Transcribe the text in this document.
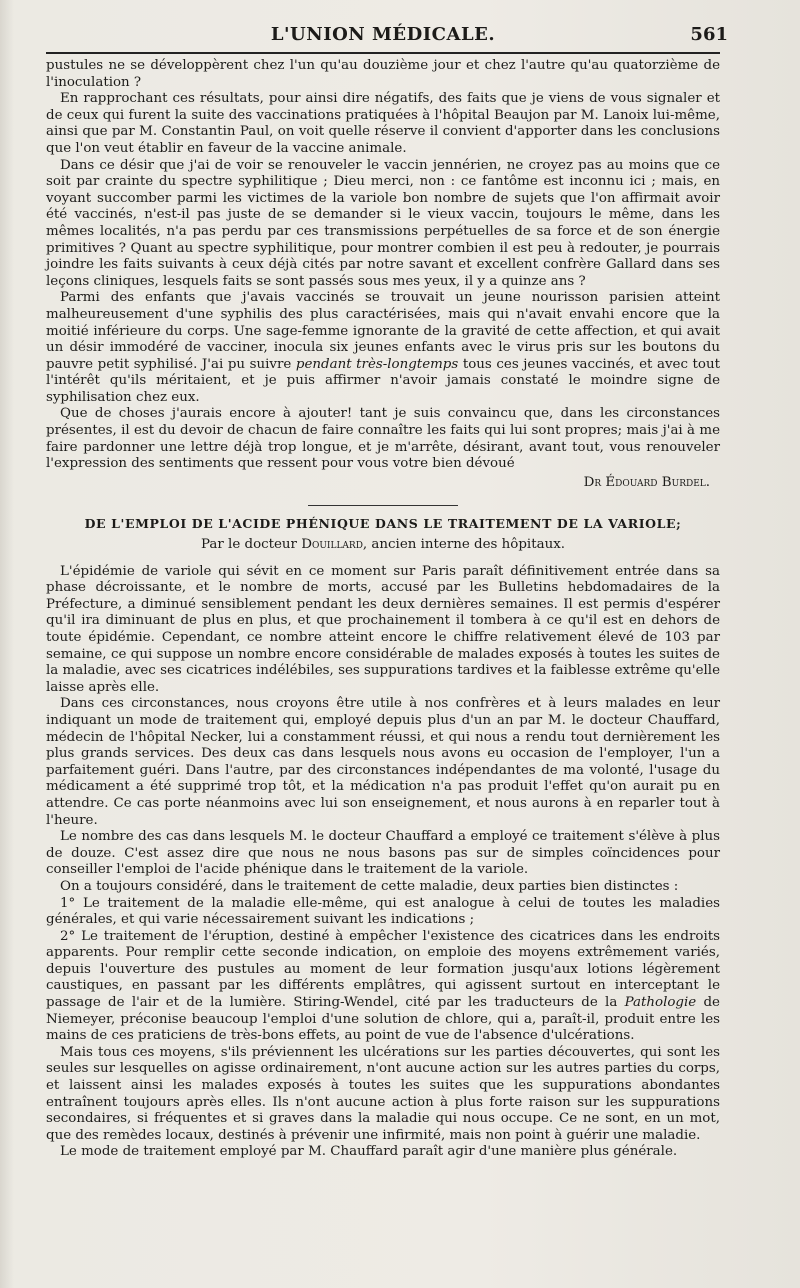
L'UNION MÉDICALE.	561

pustules ne se développèrent chez l'un qu'au douzième jour et chez l'autre qu'au quatorzième de l'inoculation ?

En rapprochant ces résultats, pour ainsi dire négatifs, des faits que je viens de vous signaler et de ceux qui furent la suite des vaccinations pratiquées à l'hôpital Beaujon par M. Lanoix lui-même, ainsi que par M. Constantin Paul, on voit quelle réserve il convient d'apporter dans les conclusions que l'on veut établir en faveur de la vaccine animale.

Dans ce désir que j'ai de voir se renouveler le vaccin jennérien, ne croyez pas au moins que ce soit par crainte du spectre syphilitique ; Dieu merci, non : ce fantôme est inconnu ici ; mais, en voyant succomber parmi les victimes de la variole bon nombre de sujets que l'on affirmait avoir été vaccinés, n'est-il pas juste de se demander si le vieux vaccin, toujours le même, dans les mêmes localités, n'a pas perdu par ces transmissions perpétuelles de sa force et de son énergie primitives ? Quant au spectre syphilitique, pour montrer combien il est peu à redouter, je pourrais joindre les faits suivants à ceux déjà cités par notre savant et excellent confrère Gallard dans ses leçons cliniques, lesquels faits se sont passés sous mes yeux, il y a quinze ans ?

Parmi des enfants que j'avais vaccinés se trouvait un jeune nourisson parisien atteint malheureusement d'une syphilis des plus caractérisées, mais qui n'avait envahi encore que la moitié inférieure du corps. Une sage-femme ignorante de la gravité de cette affection, et qui avait un désir immodéré de vacciner, inocula six jeunes enfants avec le virus pris sur les boutons du pauvre petit syphilisé. J'ai pu suivre pendant très-longtemps tous ces jeunes vaccinés, et avec tout l'intérêt qu'ils méritaient, et je puis affirmer n'avoir jamais constaté le moindre signe de syphilisation chez eux.

Que de choses j'aurais encore à ajouter! tant je suis convaincu que, dans les circonstances présentes, il est du devoir de chacun de faire connaître les faits qui lui sont propres; mais j'ai à me faire pardonner une lettre déjà trop longue, et je m'arrête, désirant, avant tout, vous renouveler l'expression des sentiments que ressent pour vous votre bien dévoué

Dr Édouard Burdel.
DE L'EMPLOI DE L'ACIDE PHÉNIQUE DANS LE TRAITEMENT DE LA VARIOLE;
Par le docteur Douillard, ancien interne des hôpitaux.

L'épidémie de variole qui sévit en ce moment sur Paris paraît définitivement entrée dans sa phase décroissante, et le nombre de morts, accusé par les Bulletins hebdomadaires de la Préfecture, a diminué sensiblement pendant les deux dernières semaines. Il est permis d'espérer qu'il ira diminuant de plus en plus, et que prochainement il tombera à ce qu'il est en dehors de toute épidémie. Cependant, ce nombre atteint encore le chiffre relativement élevé de 103 par semaine, ce qui suppose un nombre encore considérable de malades exposés à toutes les suites de la maladie, avec ses cicatrices indélébiles, ses suppurations tardives et la faiblesse extrême qu'elle laisse après elle.

Dans ces circonstances, nous croyons être utile à nos confrères et à leurs malades en leur indiquant un mode de traitement qui, employé depuis plus d'un an par M. le docteur Chauffard, médecin de l'hôpital Necker, lui a constamment réussi, et qui nous a rendu tout dernièrement les plus grands services. Des deux cas dans lesquels nous avons eu occasion de l'employer, l'un a parfaitement guéri. Dans l'autre, par des circonstances indépendantes de ma volonté, l'usage du médicament a été supprimé trop tôt, et la médication n'a pas produit l'effet qu'on aurait pu en attendre. Ce cas porte néanmoins avec lui son enseignement, et nous aurons à en reparler tout à l'heure.

Le nombre des cas dans lesquels M. le docteur Chauffard a employé ce traitement s'élève à plus de douze. C'est assez dire que nous ne nous basons pas sur de simples coïncidences pour conseiller l'emploi de l'acide phénique dans le traitement de la variole.

On a toujours considéré, dans le traitement de cette maladie, deux parties bien distinctes :

1° Le traitement de la maladie elle-même, qui est analogue à celui de toutes les maladies générales, et qui varie nécessairement suivant les indications ;

2° Le traitement de l'éruption, destiné à empêcher l'existence des cicatrices dans les endroits apparents. Pour remplir cette seconde indication, on emploie des moyens extrêmement variés, depuis l'ouverture des pustules au moment de leur formation jusqu'aux lotions légèrement caustiques, en passant par les différents emplâtres, qui agissent surtout en interceptant le passage de l'air et de la lumière. Stiring-Wendel, cité par les traducteurs de la Pathologie de Niemeyer, préconise beaucoup l'emploi d'une solution de chlore, qui a, paraît-il, produit entre les mains de ces praticiens de très-bons effets, au point de vue de l'absence d'ulcérations.

Mais tous ces moyens, s'ils préviennent les ulcérations sur les parties découvertes, qui sont les seules sur lesquelles on agisse ordinairement, n'ont aucune action sur les autres parties du corps, et laissent ainsi les malades exposés à toutes les suites que les suppurations abondantes entraînent toujours après elles. Ils n'ont aucune action à plus forte raison sur les suppurations secondaires, si fréquentes et si graves dans la maladie qui nous occupe. Ce ne sont, en un mot, que des remèdes locaux, destinés à prévenir une infirmité, mais non point à guérir une maladie.

Le mode de traitement employé par M. Chauffard paraît agir d'une manière plus générale.
